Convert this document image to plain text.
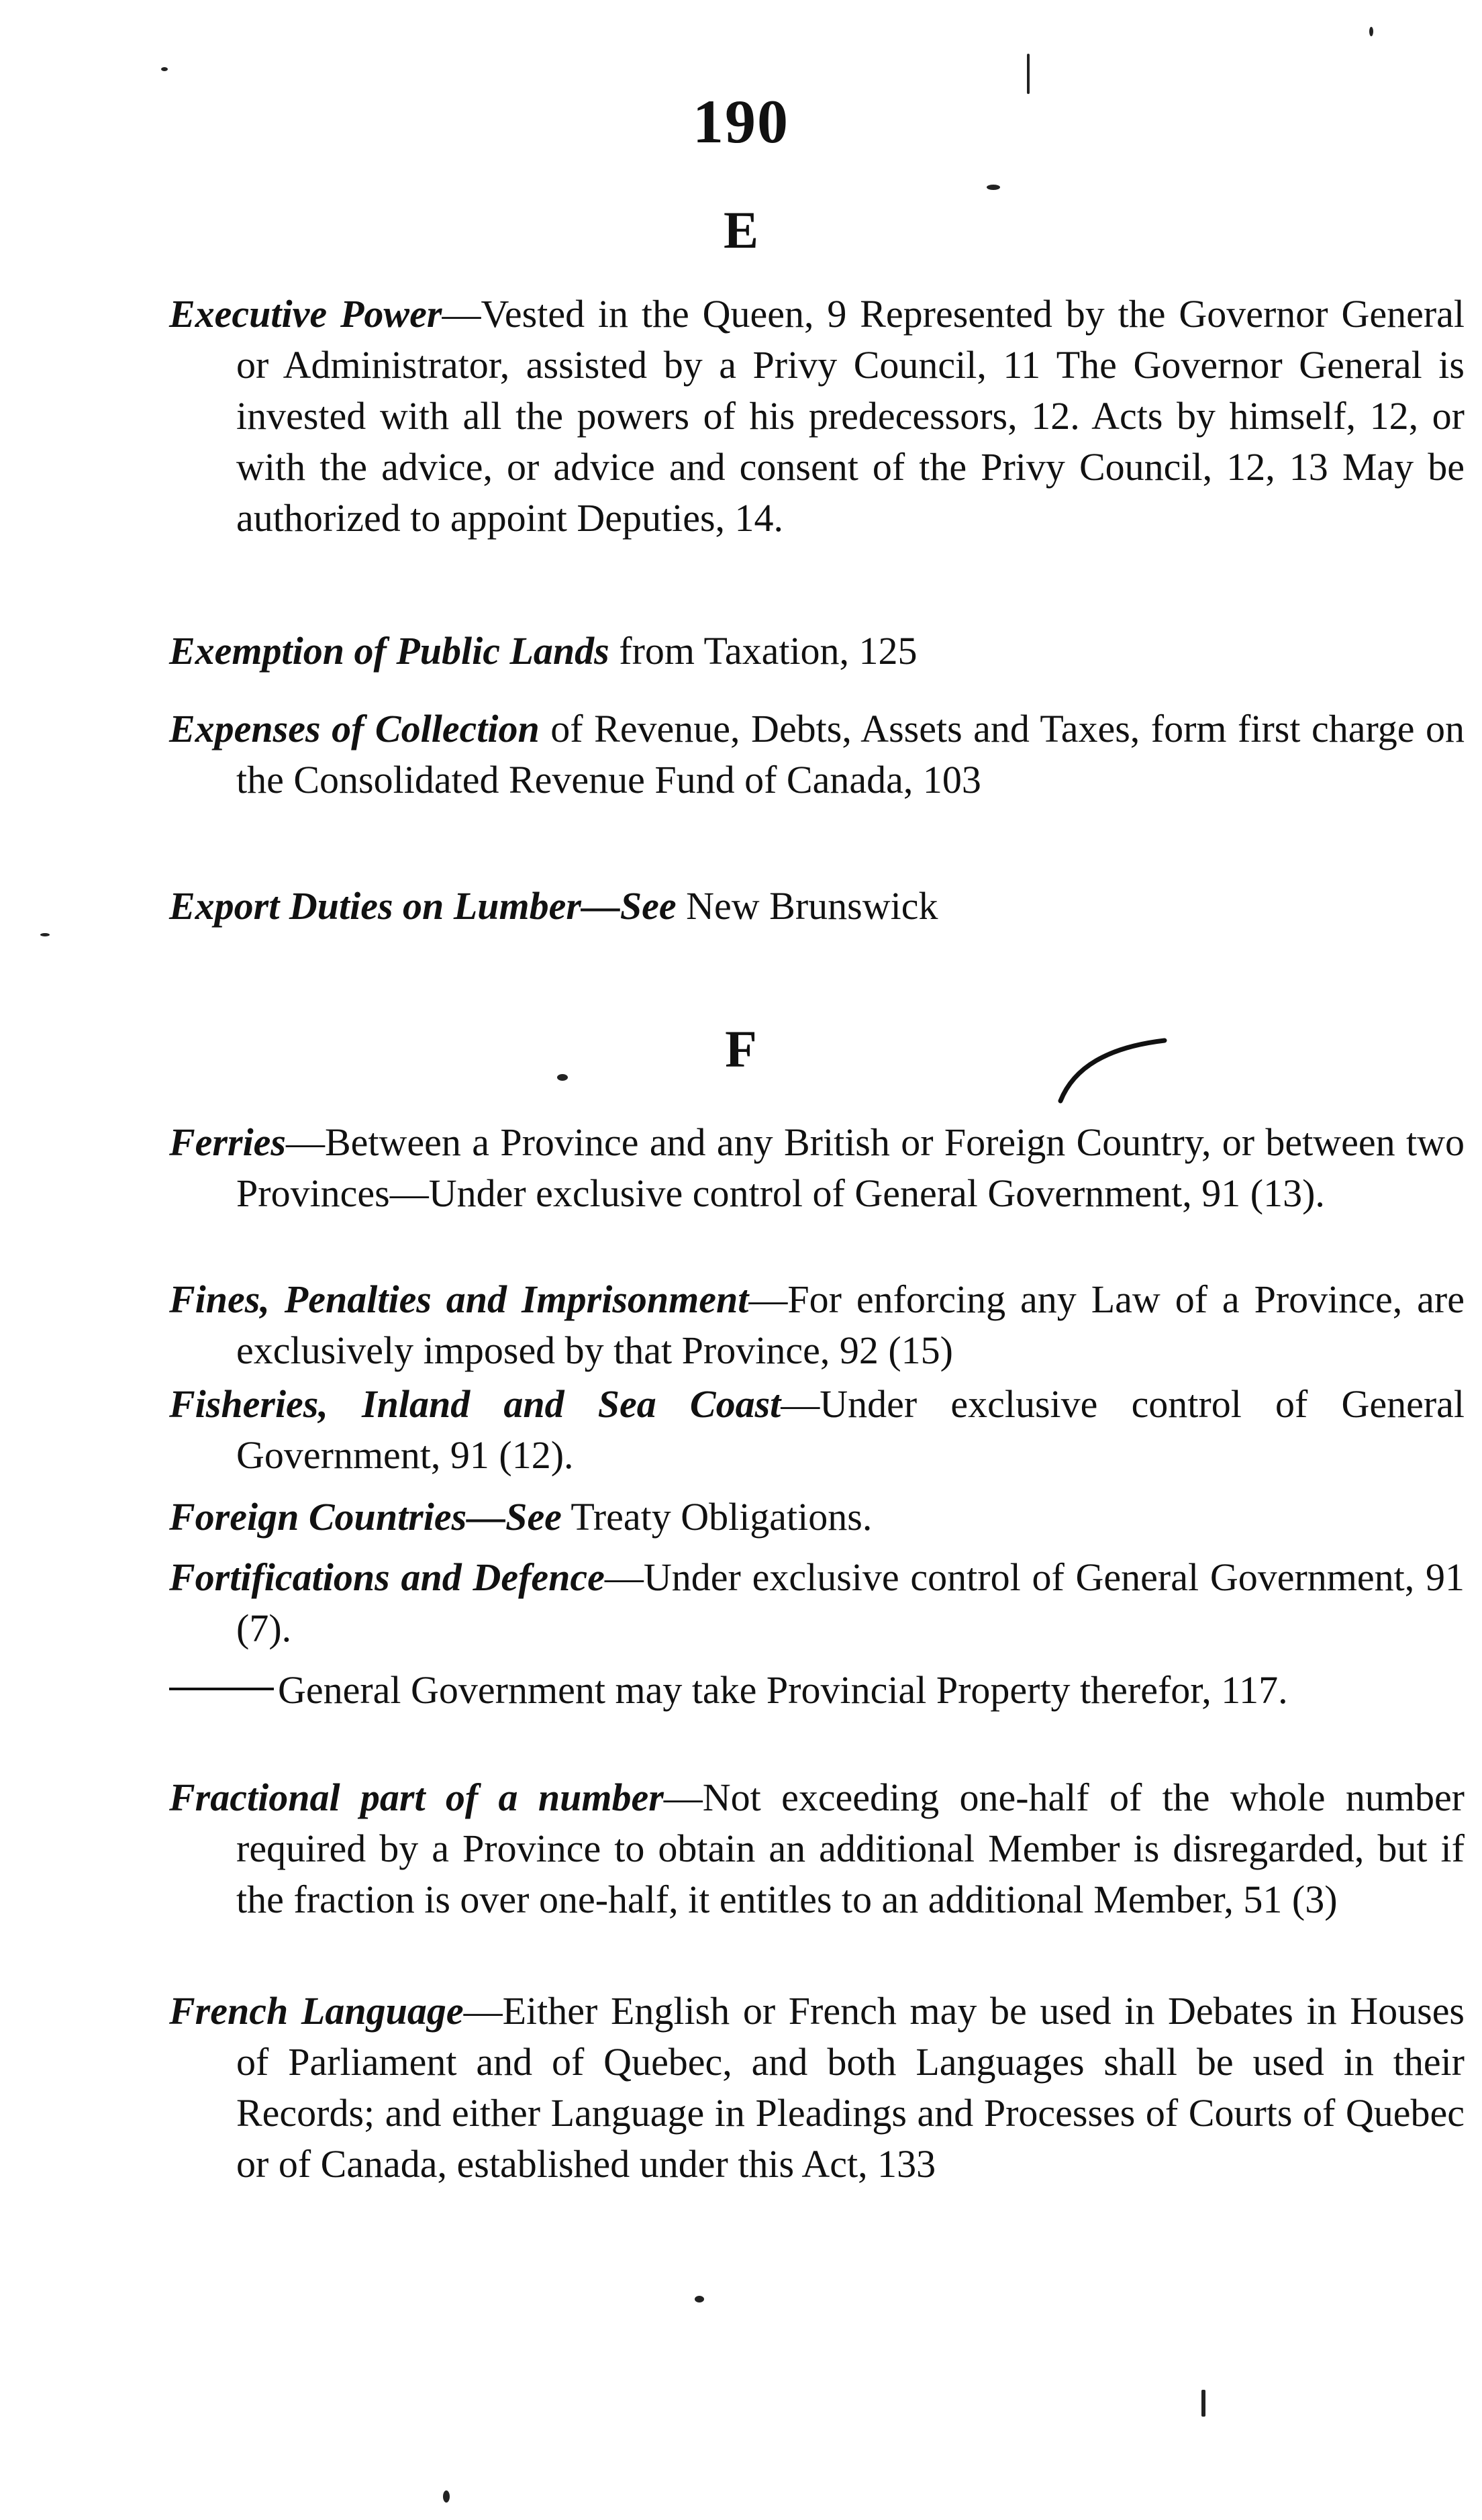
190
E
Executive Power—Vested in the Queen, 9 Represented by the Governor General or Administrator, assisted by a Privy Council, 11 The Governor General is invested with all the powers of his predecessors, 12. Acts by himself, 12, or with the advice, or advice and consent of the Privy Council, 12, 13 May be authorized to appoint Deputies, 14.
Exemption of Public Lands from Taxation, 125
Expenses of Collection of Revenue, Debts, Assets and Taxes, form first charge on the Consolidated Revenue Fund of Canada, 103
Export Duties on Lumber—See New Brunswick
F
Ferries—Between a Province and any British or Foreign Country, or between two Provinces—Under exclusive control of General Government, 91 (13).
Fines, Penalties and Imprisonment—For enforcing any Law of a Province, are exclusively imposed by that Province, 92 (15)
Fisheries, Inland and Sea Coast—Under exclusive control of General Government, 91 (12).
Foreign Countries—See Treaty Obligations.
Fortifications and Defence—Under exclusive control of General Government, 91 (7).
General Government may take Provincial Property therefor, 117.
Fractional part of a number—Not exceeding one-half of the whole number required by a Province to obtain an additional Member is disregarded, but if the fraction is over one-half, it entitles to an additional Member, 51 (3)
French Language—Either English or French may be used in Debates in Houses of Parliament and of Quebec, and both Languages shall be used in their Records; and either Language in Pleadings and Processes of Courts of Quebec or of Canada, established under this Act, 133
